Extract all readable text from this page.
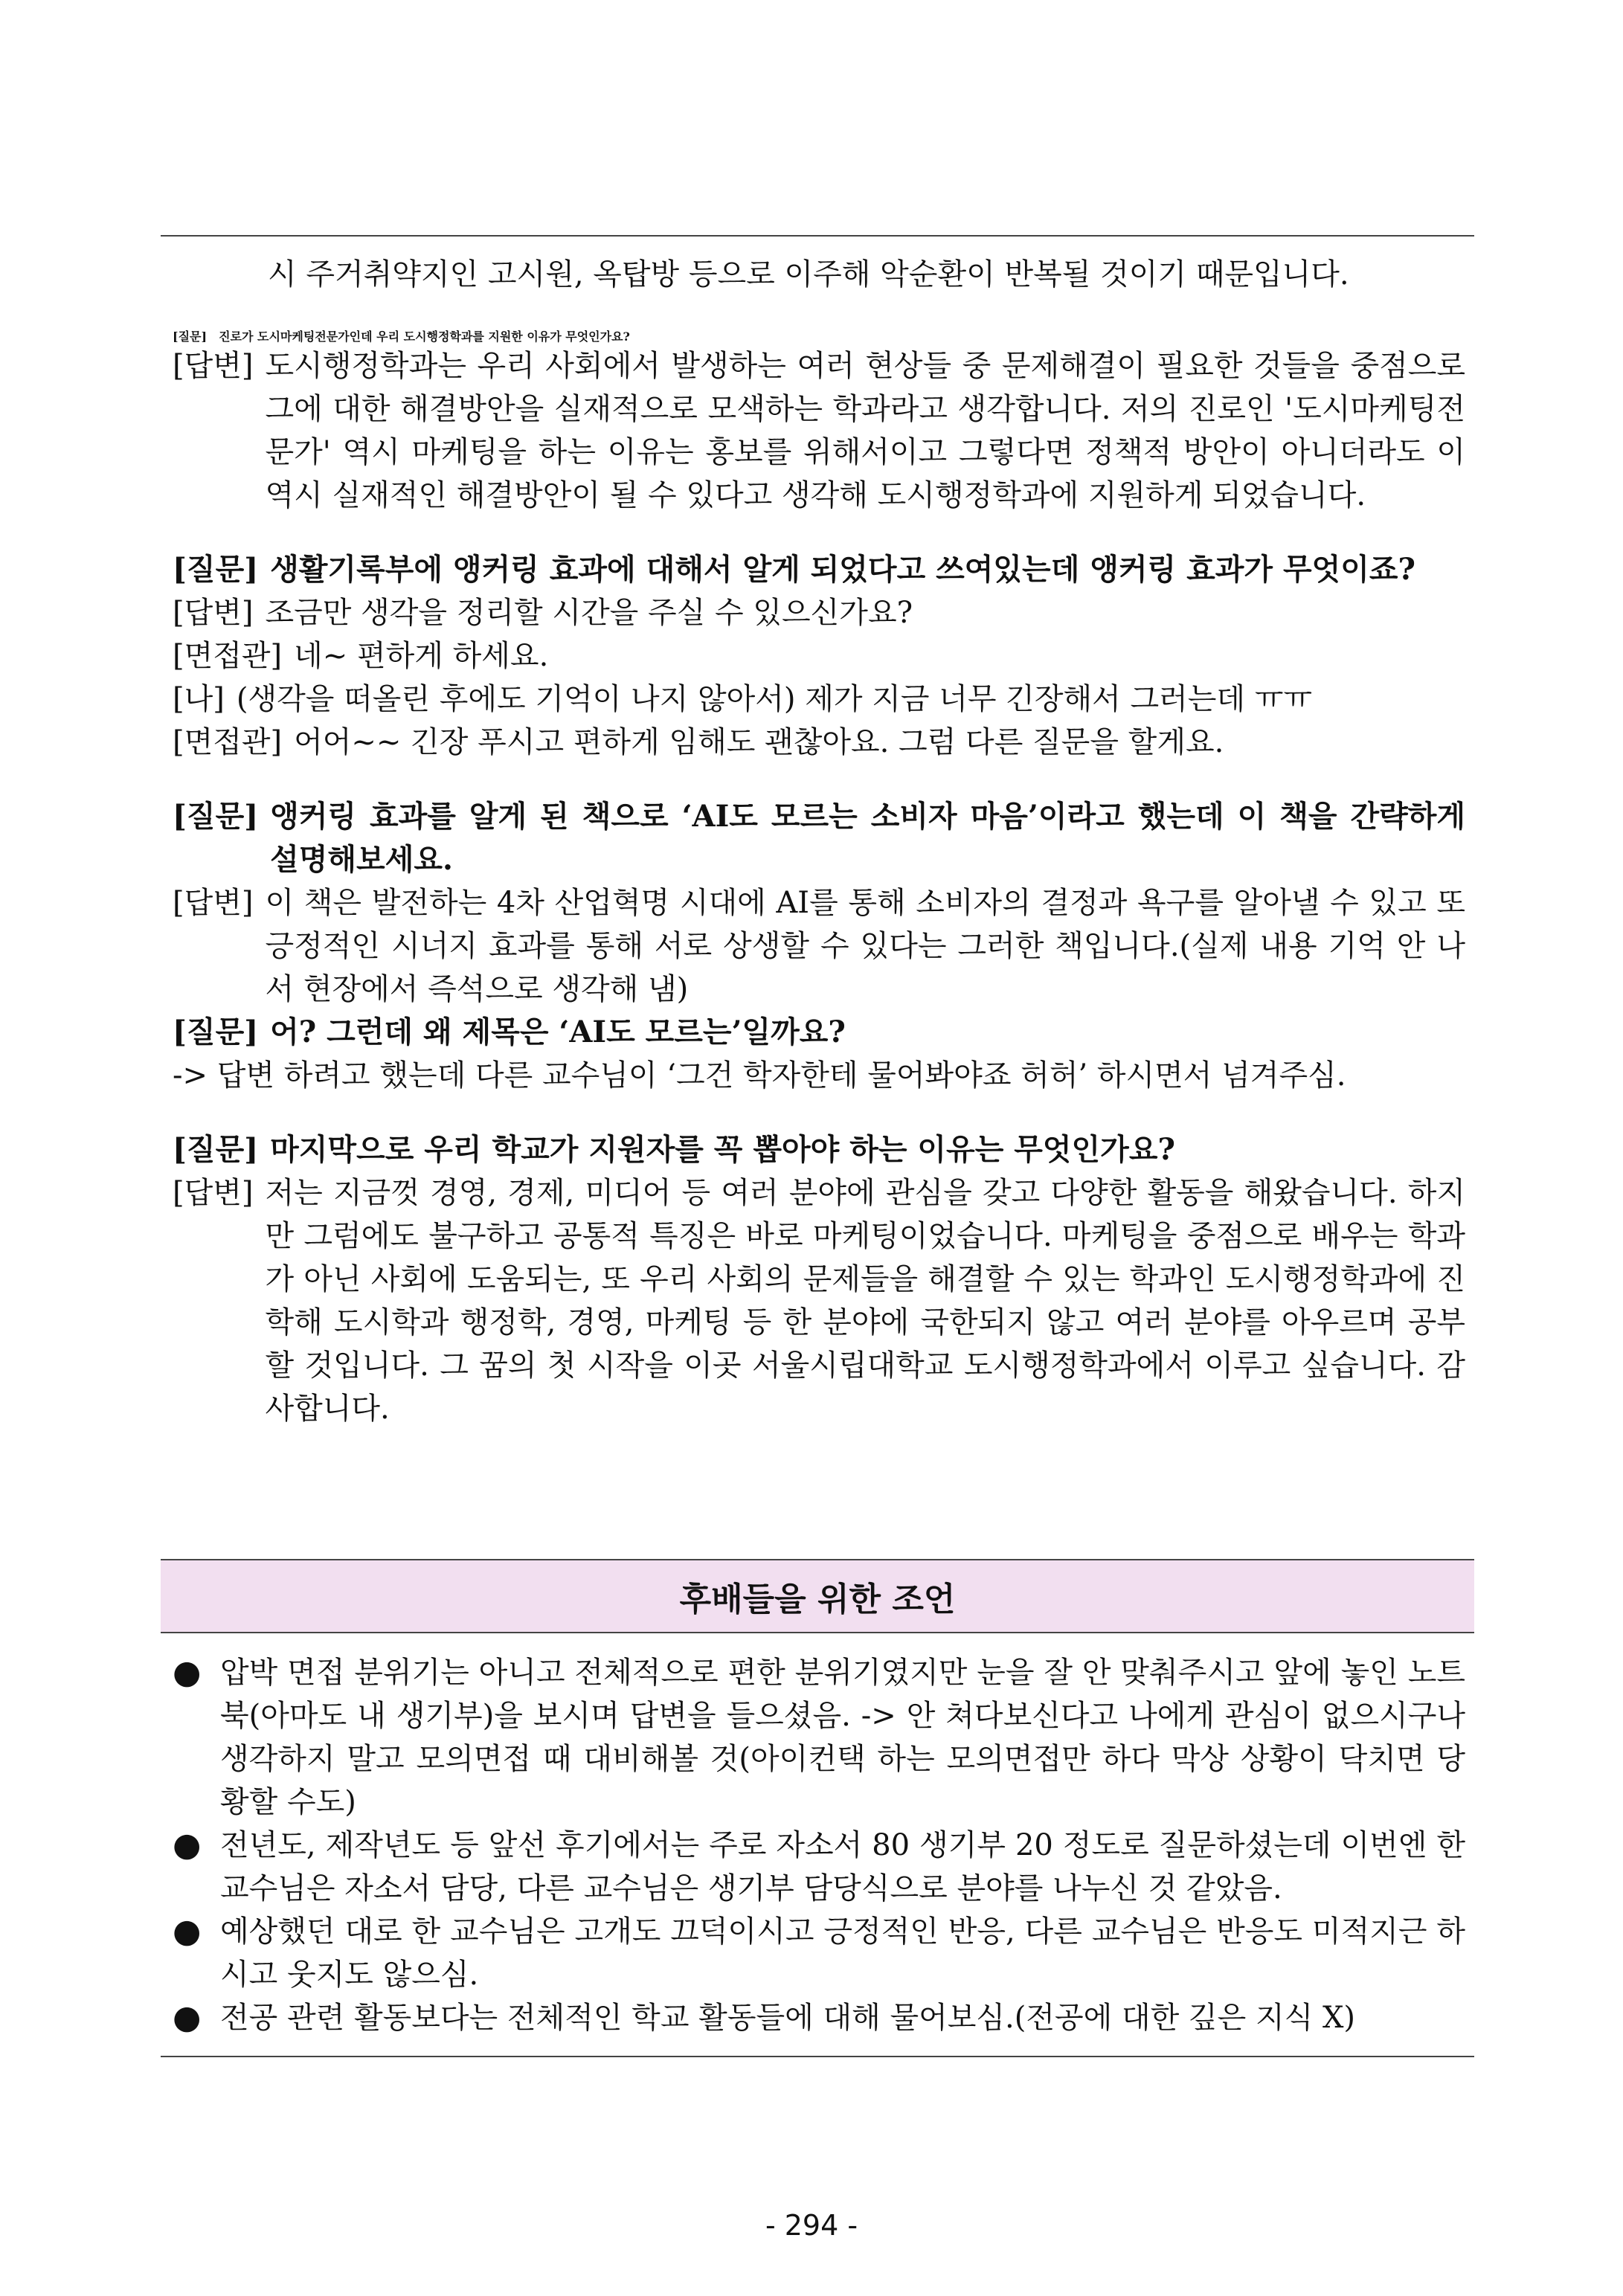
시 주거취약지인 고시원, 옥탑방 등으로 이주해 악순환이 반복될 것이기 때문입니다.
[질문]	진로가 도시마케팅전문가인데 우리 도시행정학과를 지원한 이유가 무엇인가요?
[답변] 도시행정학과는 우리 사회에서 발생하는 여러 현상들 중 문제해결이 필요한 것들을 중점으로 그에 대한 해결방안을 실재적으로 모색하는 학과라고 생각합니다. 저의 진로인 '도시마케팅전문가' 역시 마케팅을 하는 이유는 홍보를 위해서이고 그렇다면 정책적 방안이 아니더라도 이 역시 실재적인 해결방안이 될 수 있다고 생각해 도시행정학과에 지원하게 되었습니다.
[질문] 생활기록부에 앵커링 효과에 대해서 알게 되었다고 쓰여있는데 앵커링 효과가 무엇이죠?
[답변] 조금만 생각을 정리할 시간을 주실 수 있으신가요?
[면접관] 네~ 편하게 하세요.
[나] (생각을 떠올린 후에도 기억이 나지 않아서) 제가 지금 너무 긴장해서 그러는데 ㅠㅠ
[면접관] 어어~~ 긴장 푸시고 편하게 임해도 괜찮아요. 그럼 다른 질문을 할게요.
[질문] 앵커링 효과를 알게 된 책으로 ‘AI도 모르는 소비자 마음’이라고 했는데 이 책을 간략하게 설명해보세요.
[답변] 이 책은 발전하는 4차 산업혁명 시대에 AI를 통해 소비자의 결정과 욕구를 알아낼 수 있고 또 긍정적인 시너지 효과를 통해 서로 상생할 수 있다는 그러한 책입니다.(실제 내용 기억 안 나서 현장에서 즉석으로 생각해 냄)
[질문] 어? 그런데 왜 제목은 ‘AI도 모르는’일까요?
-> 답변 하려고 했는데 다른 교수님이 ‘그건 학자한테 물어봐야죠 허허’ 하시면서 넘겨주심.
[질문] 마지막으로 우리 학교가 지원자를 꼭 뽑아야 하는 이유는 무엇인가요?
[답변] 저는 지금껏 경영, 경제, 미디어 등 여러 분야에 관심을 갖고 다양한 활동을 해왔습니다. 하지만 그럼에도 불구하고 공통적 특징은 바로 마케팅이었습니다. 마케팅을 중점으로 배우는 학과가 아닌 사회에 도움되는, 또 우리 사회의 문제들을 해결할 수 있는 학과인 도시행정학과에 진학해 도시학과 행정학, 경영, 마케팅 등 한 분야에 국한되지 않고 여러 분야를 아우르며 공부할 것입니다. 그 꿈의 첫 시작을 이곳 서울시립대학교 도시행정학과에서 이루고 싶습니다. 감사합니다.
후배들을 위한 조언
● 압박 면접 분위기는 아니고 전체적으로 편한 분위기였지만 눈을 잘 안 맞춰주시고 앞에 놓인 노트북(아마도 내 생기부)을 보시며 답변을 들으셨음. -> 안 쳐다보신다고 나에게 관심이 없으시구나 생각하지 말고 모의면접 때 대비해볼 것(아이컨택 하는 모의면접만 하다 막상 상황이 닥치면 당황할 수도)
● 전년도, 제작년도 등 앞선 후기에서는 주로 자소서 80 생기부 20 정도로 질문하셨는데 이번엔 한 교수님은 자소서 담당, 다른 교수님은 생기부 담당식으로 분야를 나누신 것 같았음.
● 예상했던 대로 한 교수님은 고개도 끄덕이시고 긍정적인 반응, 다른 교수님은 반응도 미적지근 하시고 웃지도 않으심.
● 전공 관련 활동보다는 전체적인 학교 활동들에 대해 물어보심.(전공에 대한 깊은 지식 X)
- 294 -
